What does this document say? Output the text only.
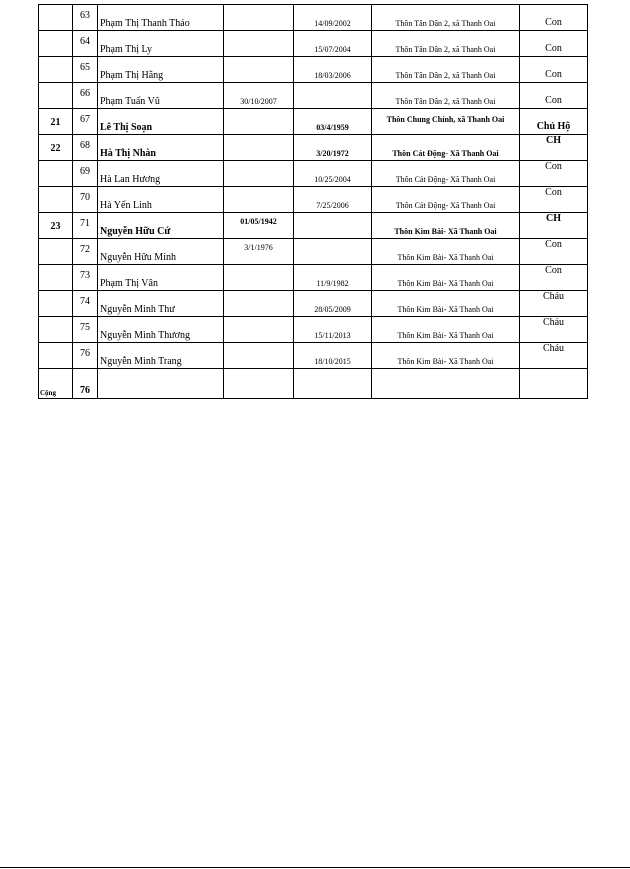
	63	Phạm Thị Thanh Thảo		14/09/2002	Thôn Tân Dân 2, xã Thanh Oai	Con

	64	Phạm Thị Ly		15/07/2004	Thôn Tân Dân 2, xã Thanh Oai	Con

	65	Phạm Thị Hằng		18/03/2006	Thôn Tân Dân 2, xã Thanh Oai	Con

	66	Phạm Tuấn Vũ	30/10/2007		Thôn Tân Dân 2, xã Thanh Oai	Con

21	67	Lê Thị Soạn		03/4/1959	Thôn Chung Chính, xã Thanh Oai	Chủ Hộ

22	68	Hà Thị Nhàn		3/20/1972	Thôn Cát Động- Xã Thanh Oai	CH

	69	Hà Lan Hương		10/25/2004	Thôn Cát Động- Xã Thanh Oai	Con

	70	Hà Yến Linh		7/25/2006	Thôn Cát Động- Xã Thanh Oai	Con

23	71	Nguyễn Hữu Cứ	01/05/1942		Thôn Kim Bài- Xã Thanh Oai	CH

	72	Nguyễn Hữu Minh	3/1/1976		Thôn Kim Bài- Xã Thanh Oai	Con

	73	Phạm Thị Vân		11/9/1982	Thôn Kim Bài- Xã Thanh Oai	Con

	74	Nguyễn Minh Thư		28/05/2009	Thôn Kim Bài- Xã Thanh Oai	Cháu

	75	Nguyễn Minh Thương		15/11/2013	Thôn Kim Bài- Xã Thanh Oai	Cháu

	76	Nguyễn Minh Trang		18/10/2015	Thôn Kim Bài- Xã Thanh Oai	Cháu

Cộng	76					
